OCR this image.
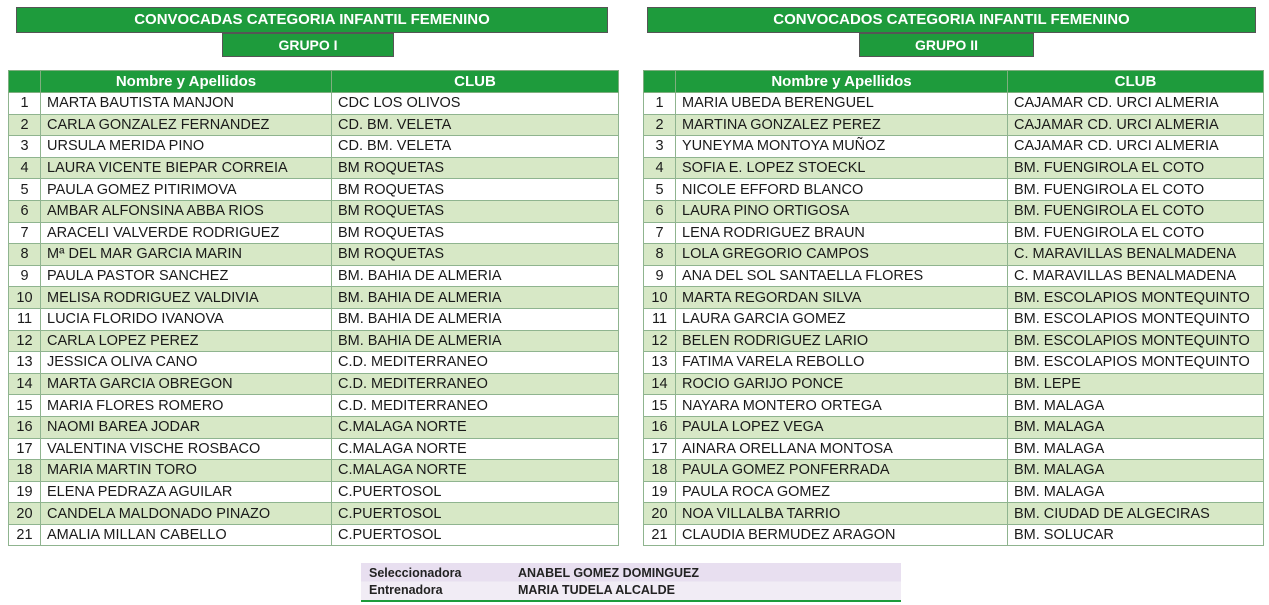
CONVOCADAS CATEGORIA INFANTIL FEMENINO
GRUPO I
CONVOCADOS CATEGORIA INFANTIL FEMENINO
GRUPO II
	Nombre y Apellidos	CLUB
1	MARTA BAUTISTA MANJON	CDC LOS OLIVOS
2	CARLA GONZALEZ FERNANDEZ	CD. BM. VELETA
3	URSULA MERIDA PINO	CD. BM. VELETA
4	LAURA VICENTE BIEPAR CORREIA	BM ROQUETAS
5	PAULA GOMEZ PITIRIMOVA	BM ROQUETAS
6	AMBAR ALFONSINA ABBA RIOS	BM ROQUETAS
7	ARACELI VALVERDE RODRIGUEZ	BM ROQUETAS
8	Mª DEL MAR GARCIA MARIN	BM ROQUETAS
9	PAULA PASTOR SANCHEZ	BM. BAHIA DE ALMERIA
10	MELISA RODRIGUEZ VALDIVIA	BM. BAHIA DE ALMERIA
11	LUCIA FLORIDO IVANOVA	BM. BAHIA DE ALMERIA
12	CARLA LOPEZ PEREZ	BM. BAHIA DE ALMERIA
13	JESSICA OLIVA CANO	C.D. MEDITERRANEO
14	MARTA GARCIA OBREGON	C.D. MEDITERRANEO
15	MARIA FLORES ROMERO	C.D. MEDITERRANEO
16	NAOMI BAREA JODAR	C.MALAGA NORTE
17	VALENTINA VISCHE ROSBACO	C.MALAGA NORTE
18	MARIA MARTIN TORO	C.MALAGA NORTE
19	ELENA PEDRAZA AGUILAR	C.PUERTOSOL
20	CANDELA MALDONADO PINAZO	C.PUERTOSOL
21	AMALIA MILLAN CABELLO	C.PUERTOSOL
	Nombre y Apellidos	CLUB
1	MARIA UBEDA BERENGUEL	CAJAMAR CD. URCI ALMERIA
2	MARTINA GONZALEZ PEREZ	CAJAMAR CD. URCI ALMERIA
3	YUNEYMA MONTOYA MUÑOZ	CAJAMAR CD. URCI ALMERIA
4	SOFIA E. LOPEZ STOECKL	BM. FUENGIROLA EL COTO
5	NICOLE EFFORD BLANCO	BM. FUENGIROLA EL COTO
6	LAURA PINO ORTIGOSA	BM. FUENGIROLA EL COTO
7	LENA RODRIGUEZ BRAUN	BM. FUENGIROLA EL COTO
8	LOLA GREGORIO CAMPOS	C. MARAVILLAS BENALMADENA
9	ANA DEL SOL SANTAELLA FLORES	C. MARAVILLAS BENALMADENA
10	MARTA REGORDAN SILVA	BM. ESCOLAPIOS MONTEQUINTO
11	LAURA GARCIA GOMEZ	BM. ESCOLAPIOS MONTEQUINTO
12	BELEN RODRIGUEZ LARIO	BM. ESCOLAPIOS MONTEQUINTO
13	FATIMA VARELA REBOLLO	BM. ESCOLAPIOS MONTEQUINTO
14	ROCIO GARIJO PONCE	BM. LEPE
15	NAYARA MONTERO ORTEGA	BM. MALAGA
16	PAULA LOPEZ VEGA	BM. MALAGA
17	AINARA ORELLANA MONTOSA	BM. MALAGA
18	PAULA GOMEZ PONFERRADA	BM. MALAGA
19	PAULA ROCA GOMEZ	BM. MALAGA
20	NOA VILLALBA TARRIO	BM. CIUDAD DE ALGECIRAS
21	CLAUDIA BERMUDEZ ARAGON	BM. SOLUCAR
Seleccionadora	ANABEL GOMEZ DOMINGUEZ
Entrenadora	MARIA TUDELA ALCALDE
